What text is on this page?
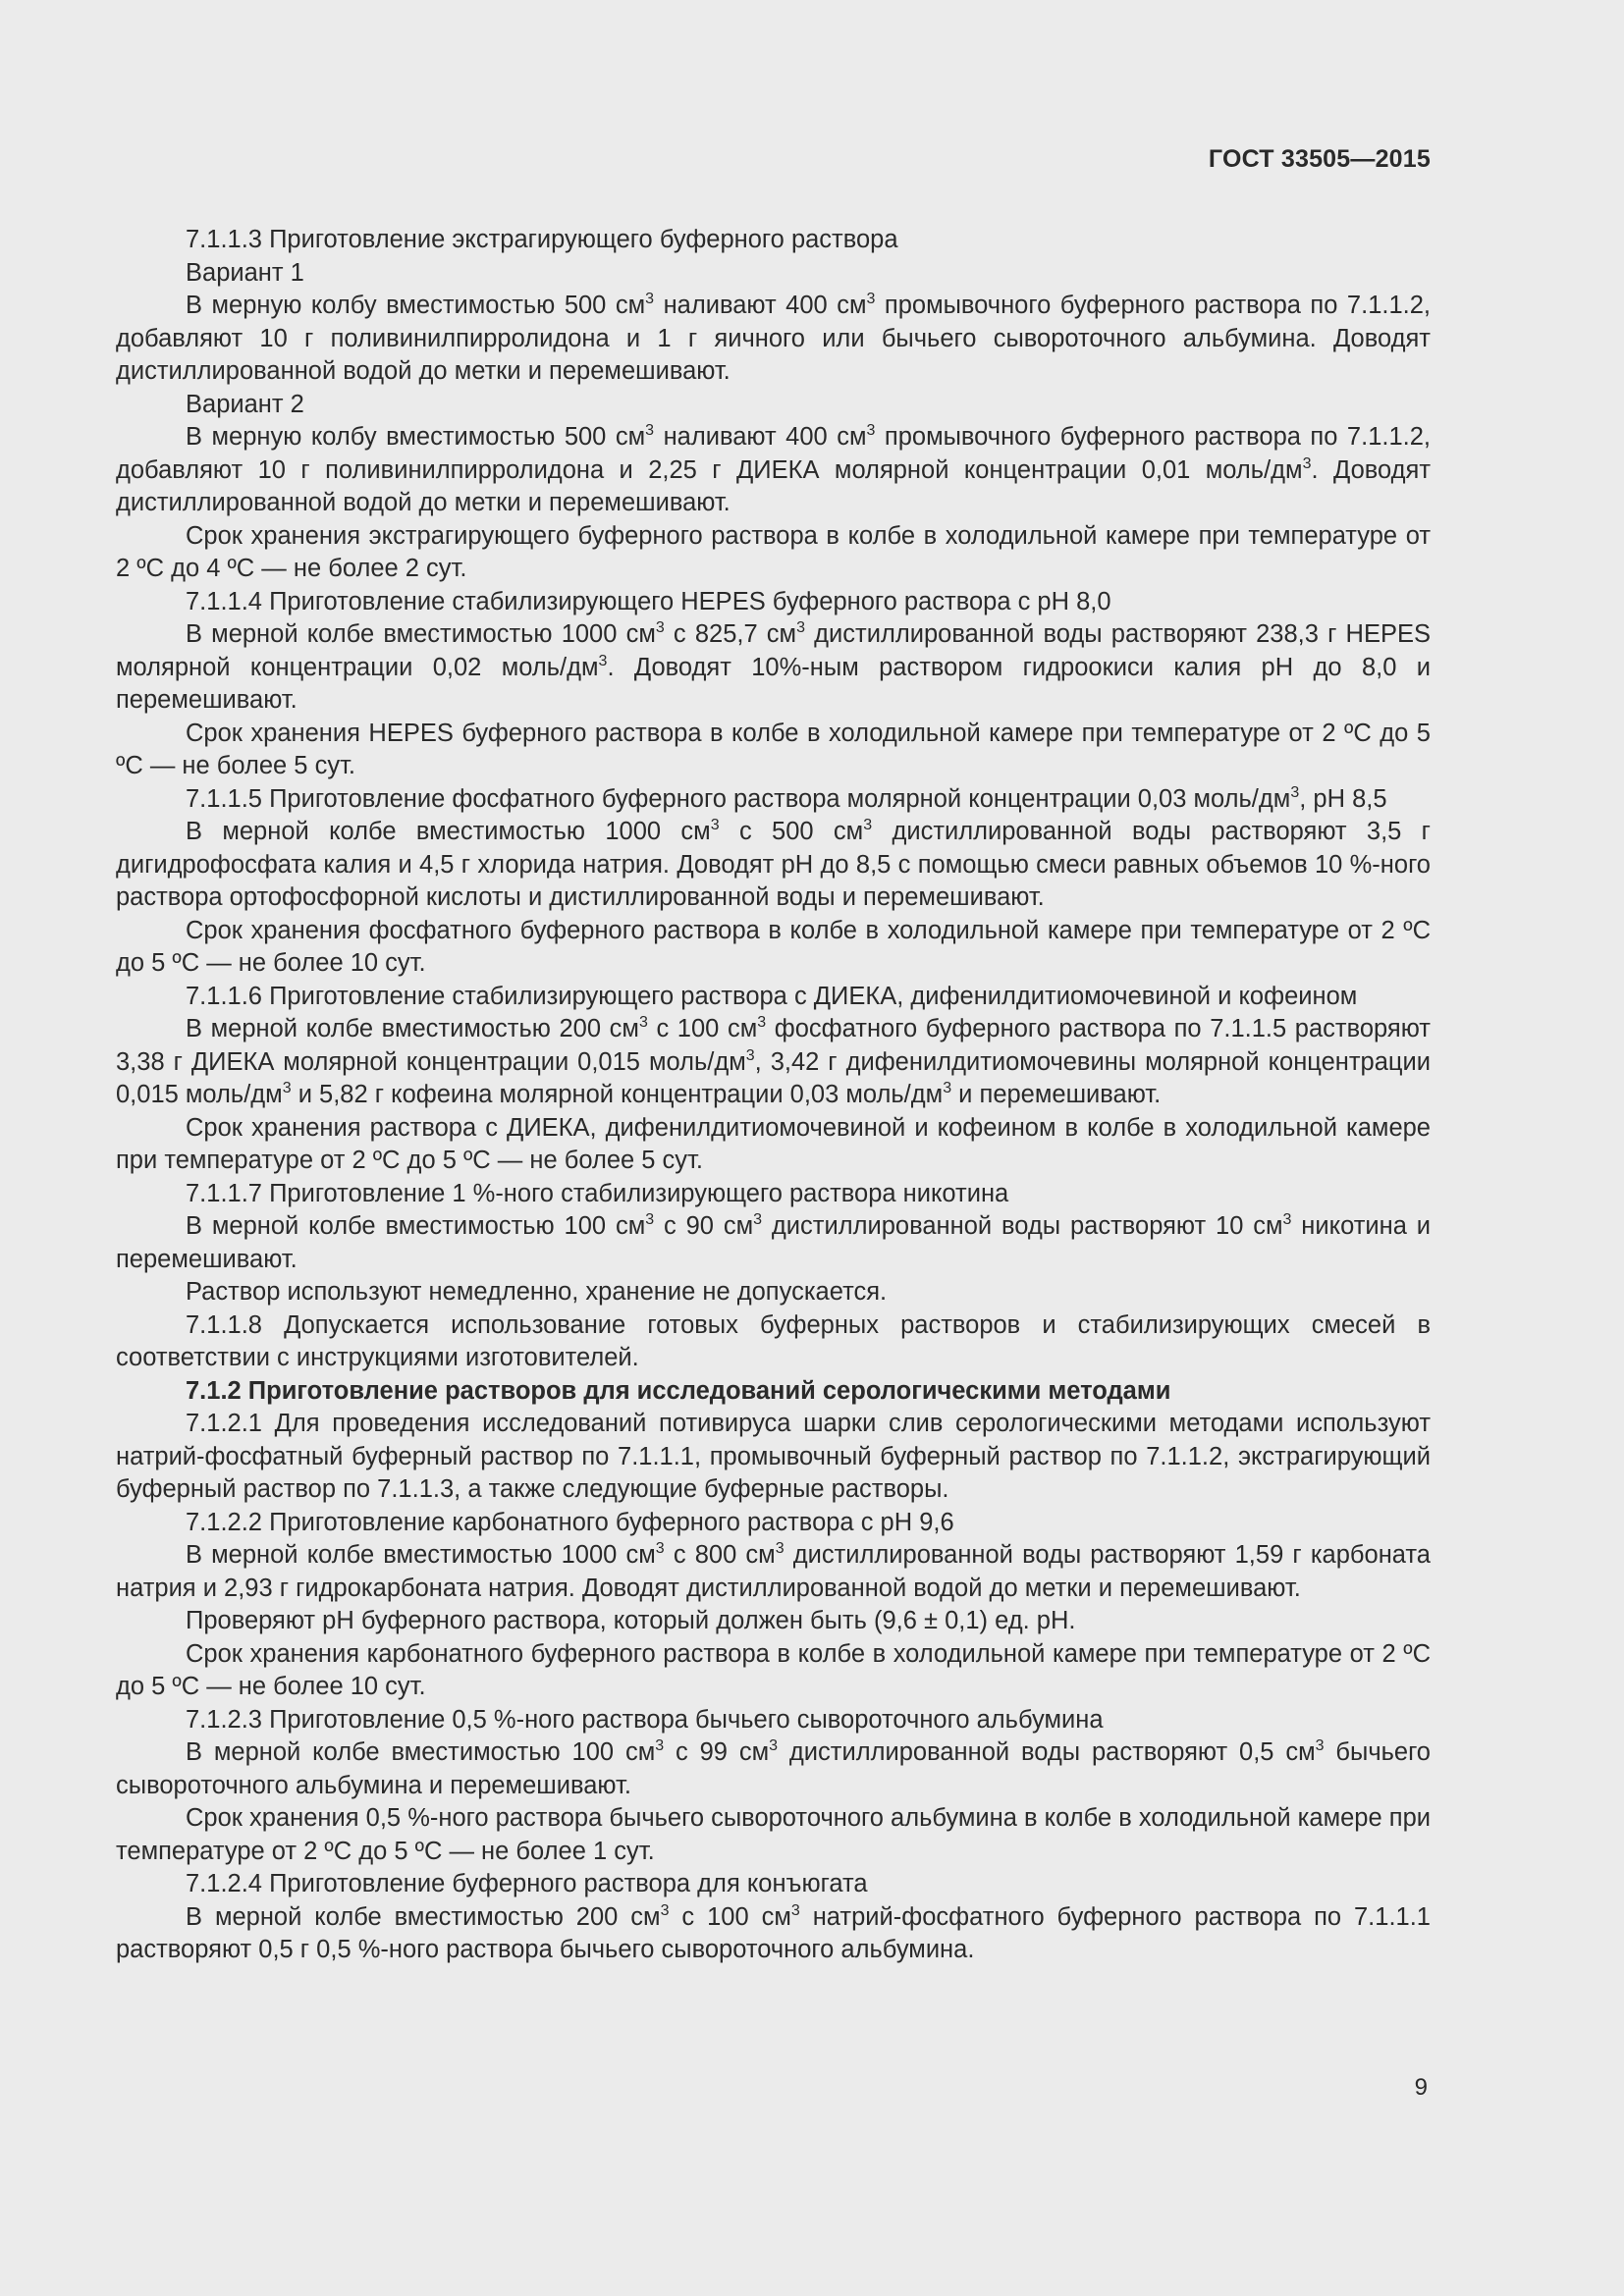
ГОСТ 33505—2015

7.1.1.3 Приготовление экстрагирующего буферного раствора

Вариант 1

В мерную колбу вместимостью 500 $см^3$ наливают 400 $см^3$ промывочного буферного раствора по 7.1.1.2, добавляют 10 г поливинилпирролидона и 1 г яичного или бычьего сывороточного альбумина. Доводят дистиллированной водой до метки и перемешивают.

Вариант 2

В мерную колбу вместимостью 500 $см^3$ наливают 400 $см^3$ промывочного буферного раствора по 7.1.1.2, добавляют 10 г поливинилпирролидона и 2,25 г ДИЕКА молярной концентрации 0,01 моль/$дм^3$. Доводят дистиллированной водой до метки и перемешивают.

Срок хранения экстрагирующего буферного раствора в колбе в холодильной камере при температуре от 2 ºС до 4 ºС — не более 2 сут.

7.1.1.4 Приготовление стабилизирующего HEPES буферного раствора с рН 8,0

В мерной колбе вместимостью 1000 $см^3$ с 825,7 $см^3$ дистиллированной воды растворяют 238,3 г HEPES молярной концентрации 0,02 моль/$дм^3$. Доводят 10%-ным раствором гидроокиси калия рН до 8,0 и перемешивают.

Срок хранения HEPES буферного раствора в колбе в холодильной камере при температуре от 2 ºС до 5 ºС — не более 5 сут.

7.1.1.5 Приготовление фосфатного буферного раствора молярной концентрации 0,03 моль/$дм^3$, рН 8,5

В мерной колбе вместимостью 1000 $см^3$ с 500 $см^3$ дистиллированной воды растворяют 3,5 г дигидрофосфата калия и 4,5 г хлорида натрия. Доводят рН до 8,5 с помощью смеси равных объемов 10 %-ного раствора ортофосфорной кислоты и дистиллированной воды и перемешивают.

Срок хранения фосфатного буферного раствора в колбе в холодильной камере при температуре от 2 ºС до 5 ºС — не более 10 сут.

7.1.1.6 Приготовление стабилизирующего раствора с ДИЕКА, дифенилдитиомочевиной и кофеином

В мерной колбе вместимостью 200 $см^3$ с 100 $см^3$ фосфатного буферного раствора по 7.1.1.5 растворяют 3,38 г ДИЕКА молярной концентрации 0,015 моль/$дм^3$, 3,42 г дифенилдитиомочевины молярной концентрации 0,015 моль/$дм^3$ и 5,82 г кофеина молярной концентрации 0,03 моль/$дм^3$ и перемешивают.

Срок хранения раствора с ДИЕКА, дифенилдитиомочевиной и кофеином в колбе в холодильной камере при температуре от 2 ºС до 5 ºС — не более 5 сут.

7.1.1.7 Приготовление 1 %-ного стабилизирующего раствора никотина

В мерной колбе вместимостью 100 $см^3$ с 90 $см^3$ дистиллированной воды растворяют 10 $см^3$ никотина и перемешивают.

Раствор используют немедленно, хранение не допускается.

7.1.1.8 Допускается использование готовых буферных растворов и стабилизирующих смесей в соответствии с инструкциями изготовителей.

7.1.2 Приготовление растворов для исследований серологическими методами

7.1.2.1 Для проведения исследований потивируса шарки слив серологическими методами используют натрий-фосфатный буферный раствор по 7.1.1.1, промывочный буферный раствор по 7.1.1.2, экстрагирующий буферный раствор по 7.1.1.3, а также следующие буферные растворы.

7.1.2.2 Приготовление карбонатного буферного раствора с рН 9,6

В мерной колбе вместимостью 1000 $см^3$ с 800 $см^3$ дистиллированной воды растворяют 1,59 г карбоната натрия и 2,93 г гидрокарбоната натрия. Доводят дистиллированной водой до метки и перемешивают.

Проверяют рН буферного раствора, который должен быть (9,6 ± 0,1) ед. рН.

Срок хранения карбонатного буферного раствора в колбе в холодильной камере при температуре от 2 ºС до 5 ºС — не более 10 сут.

7.1.2.3 Приготовление 0,5 %-ного раствора бычьего сывороточного альбумина

В мерной колбе вместимостью 100 $см^3$ с 99 $см^3$ дистиллированной воды растворяют 0,5 $см^3$ бычьего сывороточного альбумина и перемешивают.

Срок хранения 0,5 %-ного раствора бычьего сывороточного альбумина в колбе в холодильной камере при температуре от 2 ºС до 5 ºС — не более 1 сут.

7.1.2.4 Приготовление буферного раствора для конъюгата

В мерной колбе вместимостью 200 $см^3$ с 100 $см^3$ натрий-фосфатного буферного раствора по 7.1.1.1 растворяют 0,5 г 0,5 %-ного раствора бычьего сывороточного альбумина.

9
